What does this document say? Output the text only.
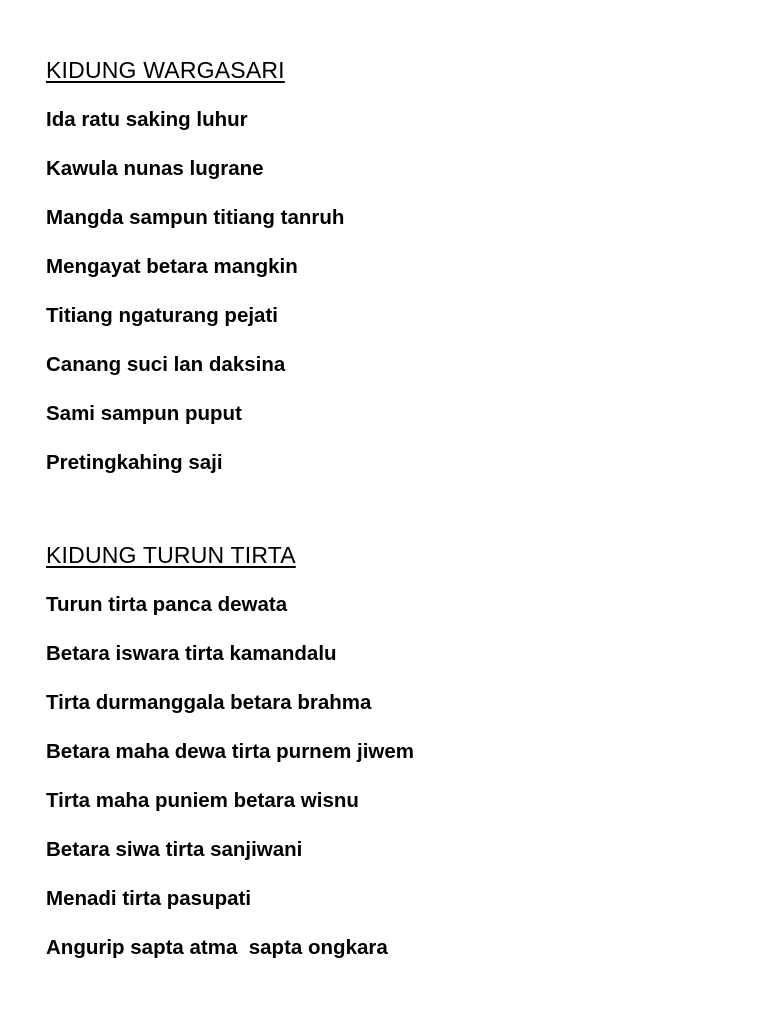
KIDUNG WARGASARI
Ida ratu saking luhur
Kawula nunas lugrane
Mangda sampun titiang tanruh
Mengayat betara mangkin
Titiang ngaturang pejati
Canang suci lan daksina
Sami sampun puput
Pretingkahing saji
KIDUNG TURUN TIRTA
Turun tirta panca dewata
Betara iswara tirta kamandalu
Tirta durmanggala betara brahma
Betara maha dewa tirta purnem jiwem
Tirta maha puniem betara wisnu
Betara siwa tirta sanjiwani
Menadi tirta pasupati
Angurip sapta atma  sapta ongkara
